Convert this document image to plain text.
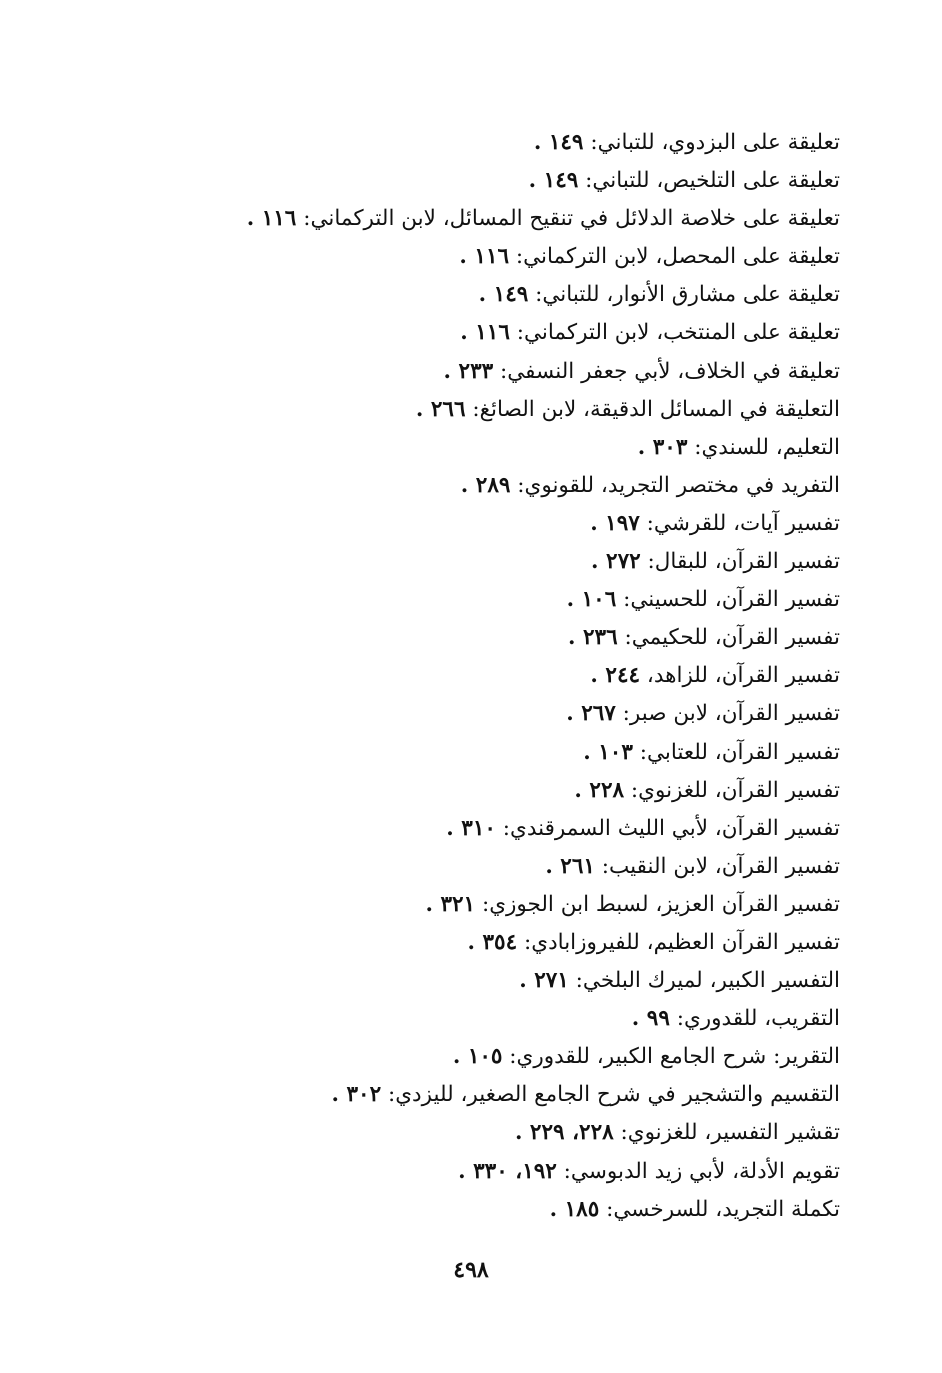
تعليقة على البزدوي، للتباني: ١٤٩ .
تعليقة على التلخيص، للتباني: ١٤٩ .
تعليقة على خلاصة الدلائل في تنقيح المسائل، لابن التركماني: ١١٦ .
تعليقة على المحصل، لابن التركماني: ١١٦ .
تعليقة على مشارق الأنوار، للتباني: ١٤٩ .
تعليقة على المنتخب، لابن التركماني: ١١٦ .
تعليقة في الخلاف، لأبي جعفر النسفي: ٢٣٣ .
التعليقة في المسائل الدقيقة، لابن الصائغ: ٢٦٦ .
التعليم، للسندي: ٣٠٣ .
التفريد في مختصر التجريد، للقونوي: ٢٨٩ .
تفسير آيات، للقرشي: ١٩٧ .
تفسير القرآن، للبقال: ٢٧٢ .
تفسير القرآن، للحسيني: ١٠٦ .
تفسير القرآن، للحكيمي: ٢٣٦ .
تفسير القرآن، للزاهد، ٢٤٤ .
تفسير القرآن، لابن صبر: ٢٦٧ .
تفسير القرآن، للعتابي: ١٠٣ .
تفسير القرآن، للغزنوي: ٢٢٨ .
تفسير القرآن، لأبي الليث السمرقندي: ٣١٠ .
تفسير القرآن، لابن النقيب: ٢٦١ .
تفسير القرآن العزيز، لسبط ابن الجوزي: ٣٢١ .
تفسير القرآن العظيم، للفيروزابادي: ٣٥٤ .
التفسير الكبير، لميرك البلخي: ٢٧١ .
التقريب، للقدوري: ٩٩ .
التقرير: شرح الجامع الكبير، للقدوري: ١٠٥ .
التقسيم والتشجير في شرح الجامع الصغير، لليزدي: ٣٠٢ .
تقشير التفسير، للغزنوي: ٢٢٨، ٢٢٩ .
تقويم الأدلة، لأبي زيد الدبوسي: ١٩٢، ٣٣٠ .
تكملة التجريد، للسرخسي: ١٨٥ .
٤٩٨
